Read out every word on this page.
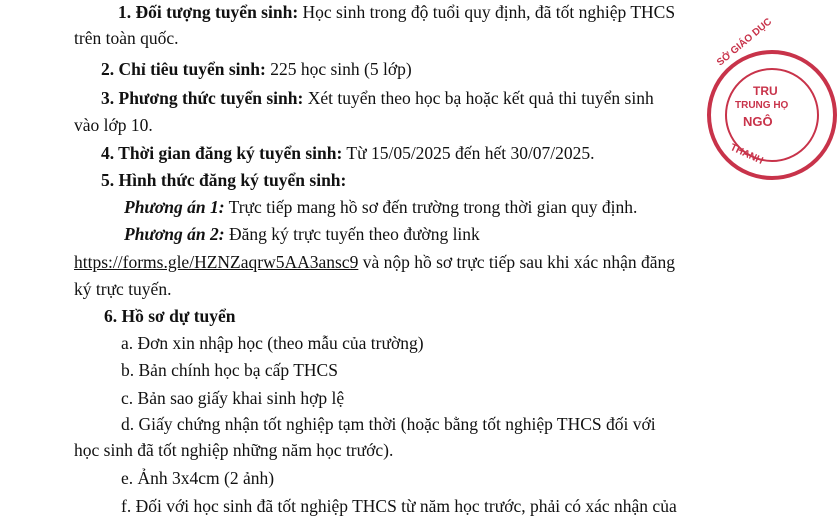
1. Đối tượng tuyển sinh: Học sinh trong độ tuổi quy định, đã tốt nghiệp THCS
trên toàn quốc.
2. Chỉ tiêu tuyển sinh: 225 học sinh (5 lớp)
3. Phương thức tuyển sinh: Xét tuyển theo học bạ hoặc kết quả thi tuyển sinh
vào lớp 10.
4. Thời gian đăng ký tuyển sinh: Từ 15/05/2025 đến hết 30/07/2025.
5. Hình thức đăng ký tuyển sinh:
Phương án 1: Trực tiếp mang hồ sơ đến trường trong thời gian quy định.
Phương án 2: Đăng ký trực tuyến theo đường link
https://forms.gle/HZNZaqrw5AA3ansc9 và nộp hồ sơ trực tiếp sau khi xác nhận đăng
ký trực tuyến.
6. Hồ sơ dự tuyển
a. Đơn xin nhập học (theo mẫu của trường)
b. Bản chính học bạ cấp THCS
c. Bản sao giấy khai sinh hợp lệ
d. Giấy chứng nhận tốt nghiệp tạm thời (hoặc bằng tốt nghiệp THCS đối với
học sinh đã tốt nghiệp những năm học trước).
e. Ảnh 3x4cm (2 ảnh)
f. Đối với học sinh đã tốt nghiệp THCS từ năm học trước, phải có xác nhận của
SỞ GIÁO DỤC
TRU
TRUNG HỌ
NGÔ
THANH
